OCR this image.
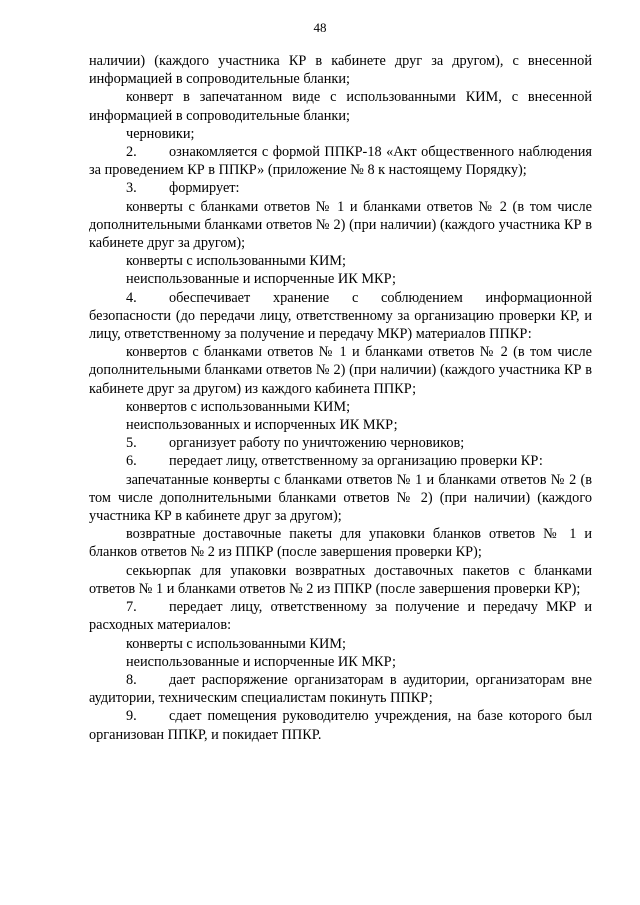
48

наличии) (каждого участника КР в кабинете друг за другом), с внесенной информацией в сопроводительные бланки;

конверт в запечатанном виде с использованными КИМ, с внесенной информацией в сопроводительные бланки;

черновики;

2. ознакомляется с формой ППКР-18 «Акт общественного наблюдения за проведением КР в ППКР» (приложение № 8 к настоящему Порядку);

3. формирует:

конверты с бланками ответов № 1 и бланками ответов № 2 (в том числе дополнительными бланками ответов № 2) (при наличии) (каждого участника КР в кабинете друг за другом);

конверты с использованными КИМ;

неиспользованные и испорченные ИК МКР;

4. обеспечивает хранение с соблюдением информационной безопасности (до передачи лицу, ответственному за организацию проверки КР, и лицу, ответственному за получение и передачу МКР) материалов ППКР:

конвертов с бланками ответов № 1 и бланками ответов № 2 (в том числе дополнительными бланками ответов № 2) (при наличии) (каждого участника КР в кабинете друг за другом) из каждого кабинета ППКР;

конвертов с использованными КИМ;

неиспользованных и испорченных ИК МКР;

5. организует работу по уничтожению черновиков;

6. передает лицу, ответственному за организацию проверки КР:

запечатанные конверты с бланками ответов № 1 и бланками ответов № 2 (в том числе дополнительными бланками ответов № 2) (при наличии) (каждого участника КР в кабинете друг за другом);

возвратные доставочные пакеты для упаковки бланков ответов № 1 и бланков ответов № 2 из ППКР (после завершения проверки КР);

секьюрпак для упаковки возвратных доставочных пакетов с бланками ответов № 1 и бланками ответов № 2 из ППКР (после завершения проверки КР);

7. передает лицу, ответственному за получение и передачу МКР и расходных материалов:

конверты с использованными КИМ;

неиспользованные и испорченные ИК МКР;

8. дает распоряжение организаторам в аудитории, организаторам вне аудитории, техническим специалистам покинуть ППКР;

9. сдает помещения руководителю учреждения, на базе которого был организован ППКР, и покидает ППКР.
